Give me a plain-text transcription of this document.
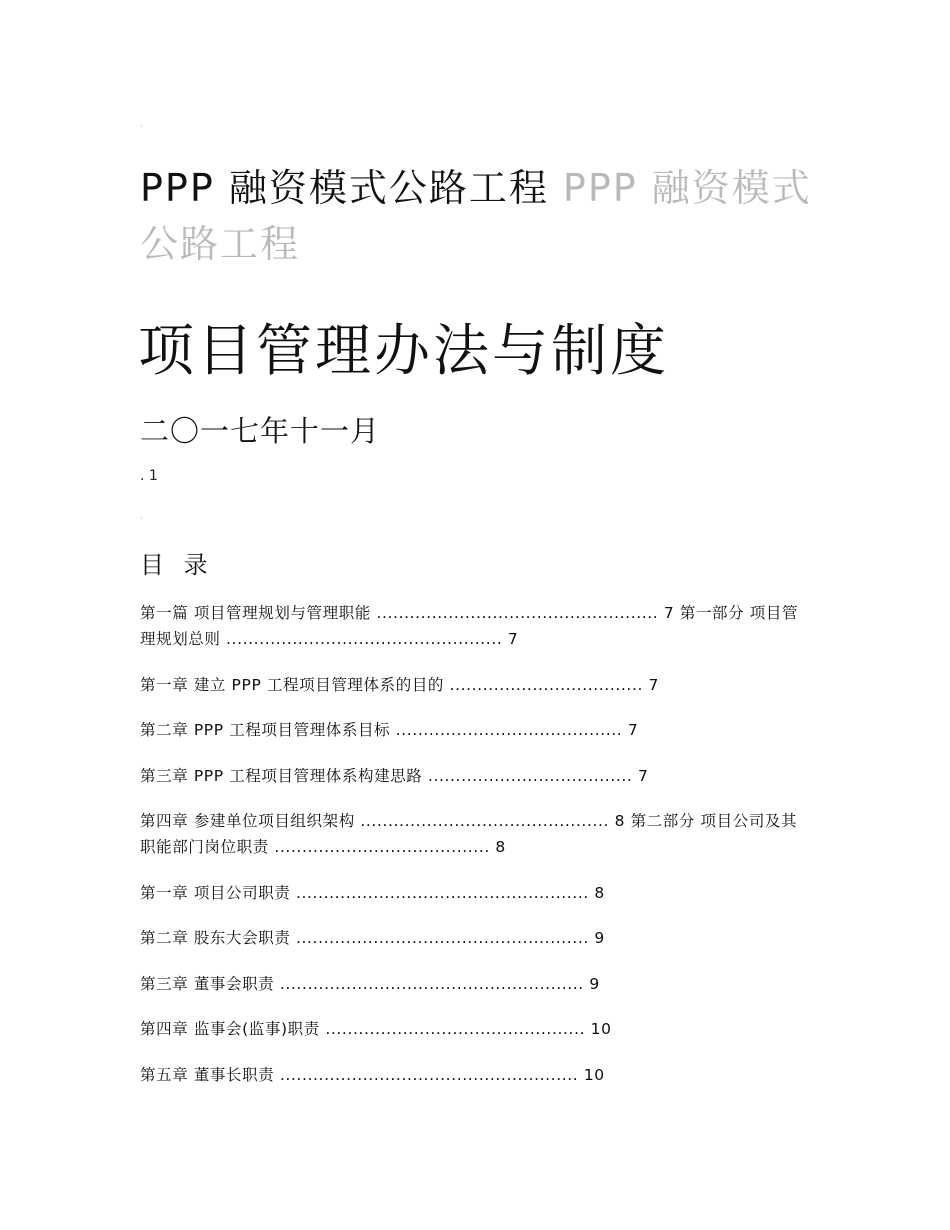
·
PPP 融资模式公路工程 PPP 融资模式公路工程
项目管理办法与制度
二〇一七年十一月
. 1
·
目 录
第一篇 项目管理规划与管理职能 ................................................... 7 第一部分 项目管理规划总则 .................................................. 7
第一章 建立 PPP 工程项目管理体系的目的 ................................... 7
第二章 PPP 工程项目管理体系目标 ......................................... 7
第三章 PPP 工程项目管理体系构建思路 ..................................... 7
第四章 参建单位项目组织架构 ............................................. 8 第二部分 项目公司及其职能部门岗位职责 ....................................... 8
第一章 项目公司职责 ..................................................... 8
第二章 股东大会职责 ..................................................... 9
第三章 董事会职责 ....................................................... 9
第四章 监事会(监事)职责 ............................................... 10
第五章 董事长职责 ...................................................... 10
